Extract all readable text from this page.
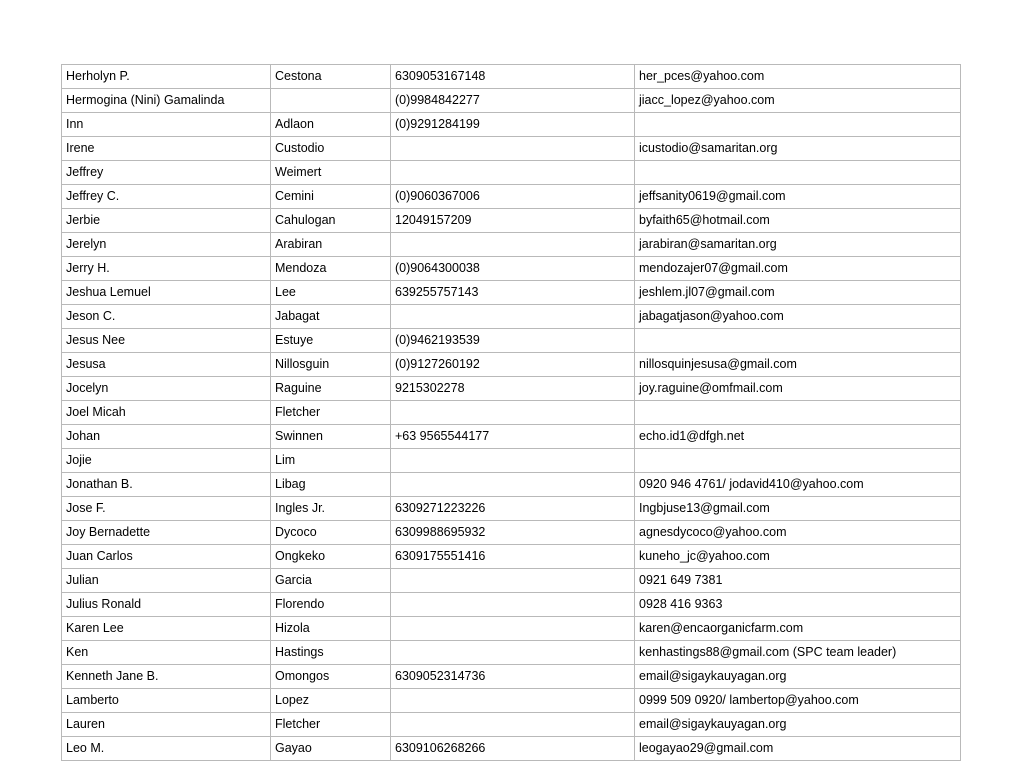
Herholyn P.	Cestona	6309053167148	her_pces@yahoo.com
Hermogina (Nini) Gamalinda		(0)9984842277	jiacc_lopez@yahoo.com
Inn	Adlaon	(0)9291284199	
Irene	Custodio		icustodio@samaritan.org
Jeffrey	Weimert		
Jeffrey C.	Cemini	(0)9060367006	jeffsanity0619@gmail.com
Jerbie	Cahulogan	12049157209	byfaith65@hotmail.com
Jerelyn	Arabiran		jarabiran@samaritan.org
Jerry H.	Mendoza	(0)9064300038	mendozajer07@gmail.com
Jeshua Lemuel	Lee	639255757143	jeshlem.jl07@gmail.com
Jeson C.	Jabagat		jabagatjason@yahoo.com
Jesus Nee	Estuye	(0)9462193539	
Jesusa	Nillosguin	(0)9127260192	nillosquinjesusa@gmail.com
Jocelyn	Raguine	9215302278	joy.raguine@omfmail.com
Joel Micah	Fletcher		
Johan	Swinnen	+63 9565544177	echo.id1@dfgh.net
Jojie	Lim		
Jonathan B.	Libag		0920 946 4761/ jodavid410@yahoo.com
Jose F.	Ingles Jr.	6309271223226	Ingbjuse13@gmail.com
Joy Bernadette	Dycoco	6309988695932	agnesdycoco@yahoo.com
Juan Carlos	Ongkeko	6309175551416	kuneho_jc@yahoo.com
Julian	Garcia		0921 649 7381
Julius Ronald	Florendo		0928 416 9363
Karen Lee	Hizola		karen@encaorganicfarm.com
Ken	Hastings		kenhastings88@gmail.com (SPC team leader)
Kenneth Jane B.	Omongos	6309052314736	email@sigaykauyagan.org
Lamberto	Lopez		0999 509 0920/ lambertop@yahoo.com
Lauren	Fletcher		email@sigaykauyagan.org
Leo M.	Gayao	6309106268266	leogayao29@gmail.com
